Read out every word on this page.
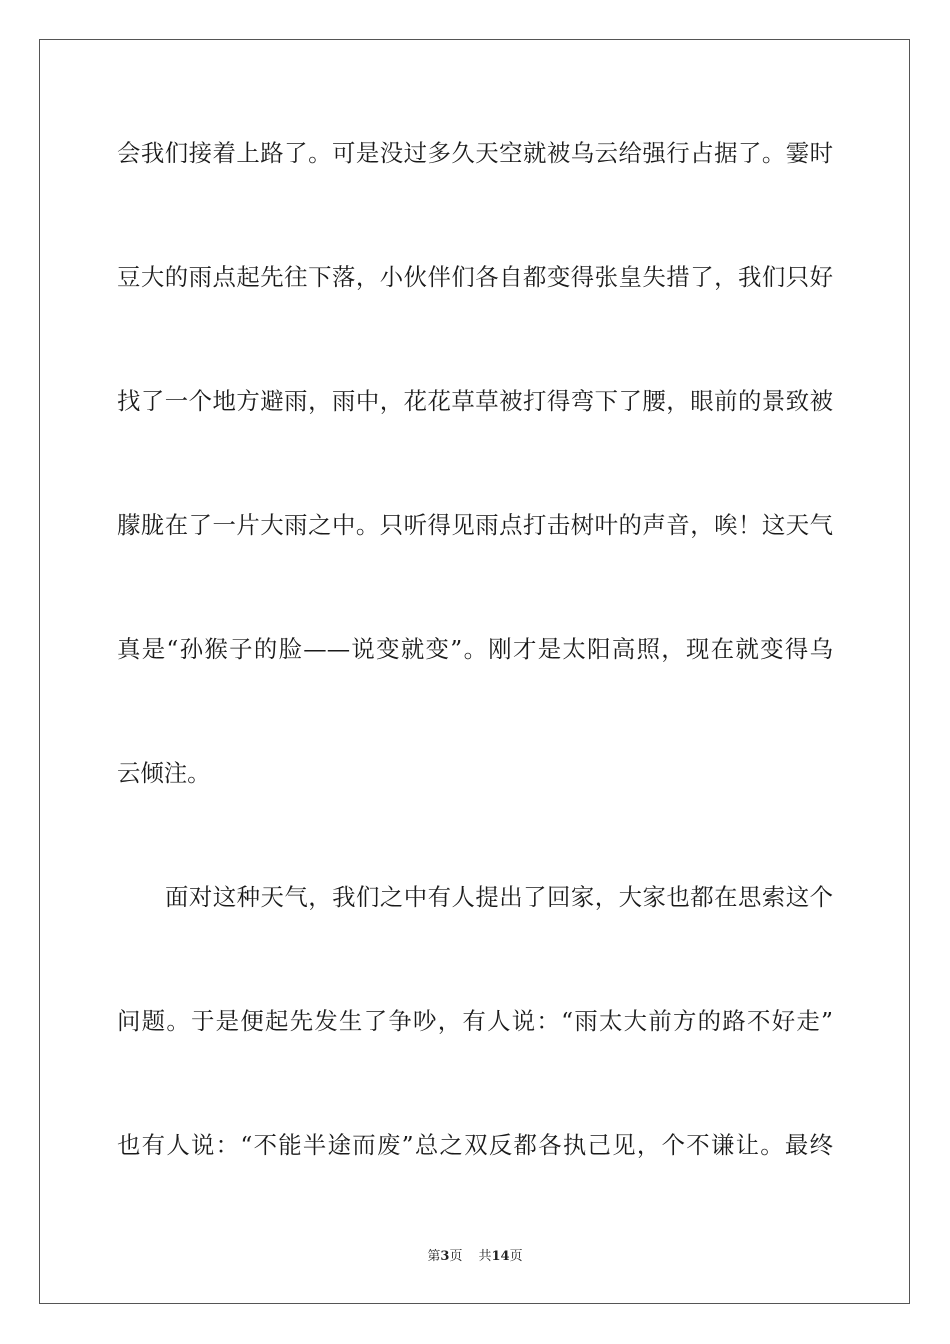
会我们接着上路了。可是没过多久天空就被乌云给强行占据了。霎时
豆大的雨点起先往下落，小伙伴们各自都变得张皇失措了，我们只好
找了一个地方避雨，雨中，花花草草被打得弯下了腰，眼前的景致被
朦胧在了一片大雨之中。只听得见雨点打击树叶的声音，唉！这天气
真是“孙猴子的脸——说变就变”。刚才是太阳高照，现在就变得乌
云倾注。
面对这种天气，我们之中有人提出了回家，大家也都在思索这个
问题。于是便起先发生了争吵，有人说：“雨太大前方的路不好走”
也有人说：“不能半途而废”总之双反都各执己见，个不谦让。最终
第3页 共14页
